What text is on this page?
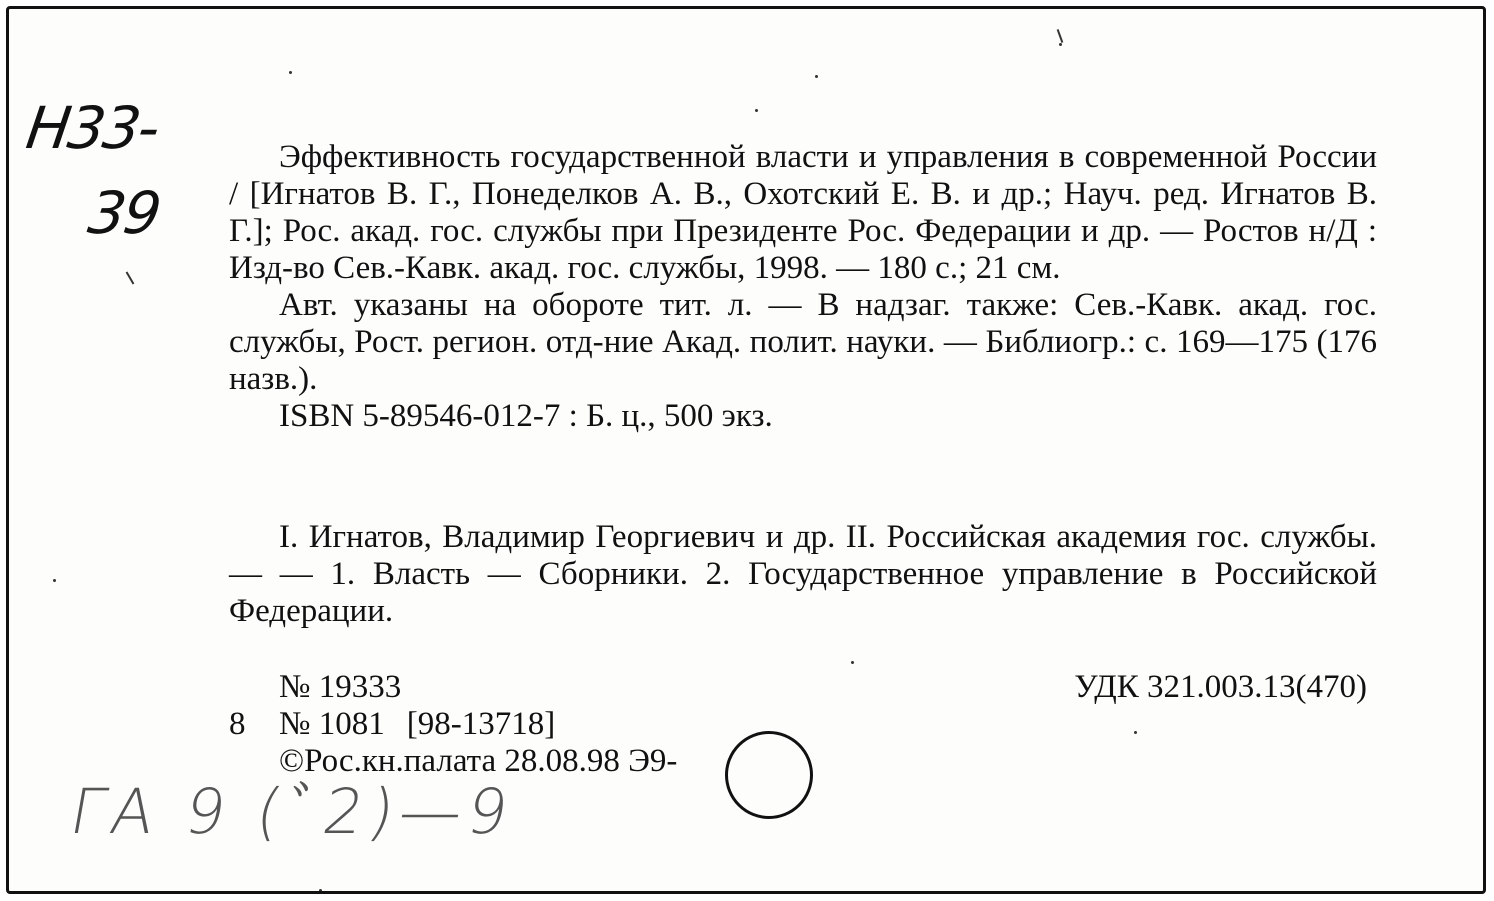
Н33-
39

Эффективность государственной власти и управления в современной России / [Игнатов В. Г., Понеделков А. В., Охотский Е. В. и др.; Науч. ред. Игнатов В. Г.]; Рос. акад. гос. службы при Президенте Рос. Федерации и др. — Ростов н/Д : Изд-во Сев.-Кавк. акад. гос. службы, 1998. — 180 с.; 21 см.

Авт. указаны на обороте тит. л. — В надзаг. также: Сев.-Кавк. акад. гос. службы, Рост. регион. отд-ние Акад. полит. науки. — Библиогр.: с. 169—175 (176 назв.).

ISBN 5-89546-012-7 : Б. ц., 500 экз.

I. Игнатов, Владимир Георгиевич и др. II. Российская академия гос. службы. — — 1. Власть — Сборники. 2. Государственное управление в Российской Федерации.

№ 19333	УДК 321.003.13(470)
8 № 1081 [98-13718]
©Рос.кн.палата 28.08.98 Э9-
ГА 9 (ﾞ2)—9
